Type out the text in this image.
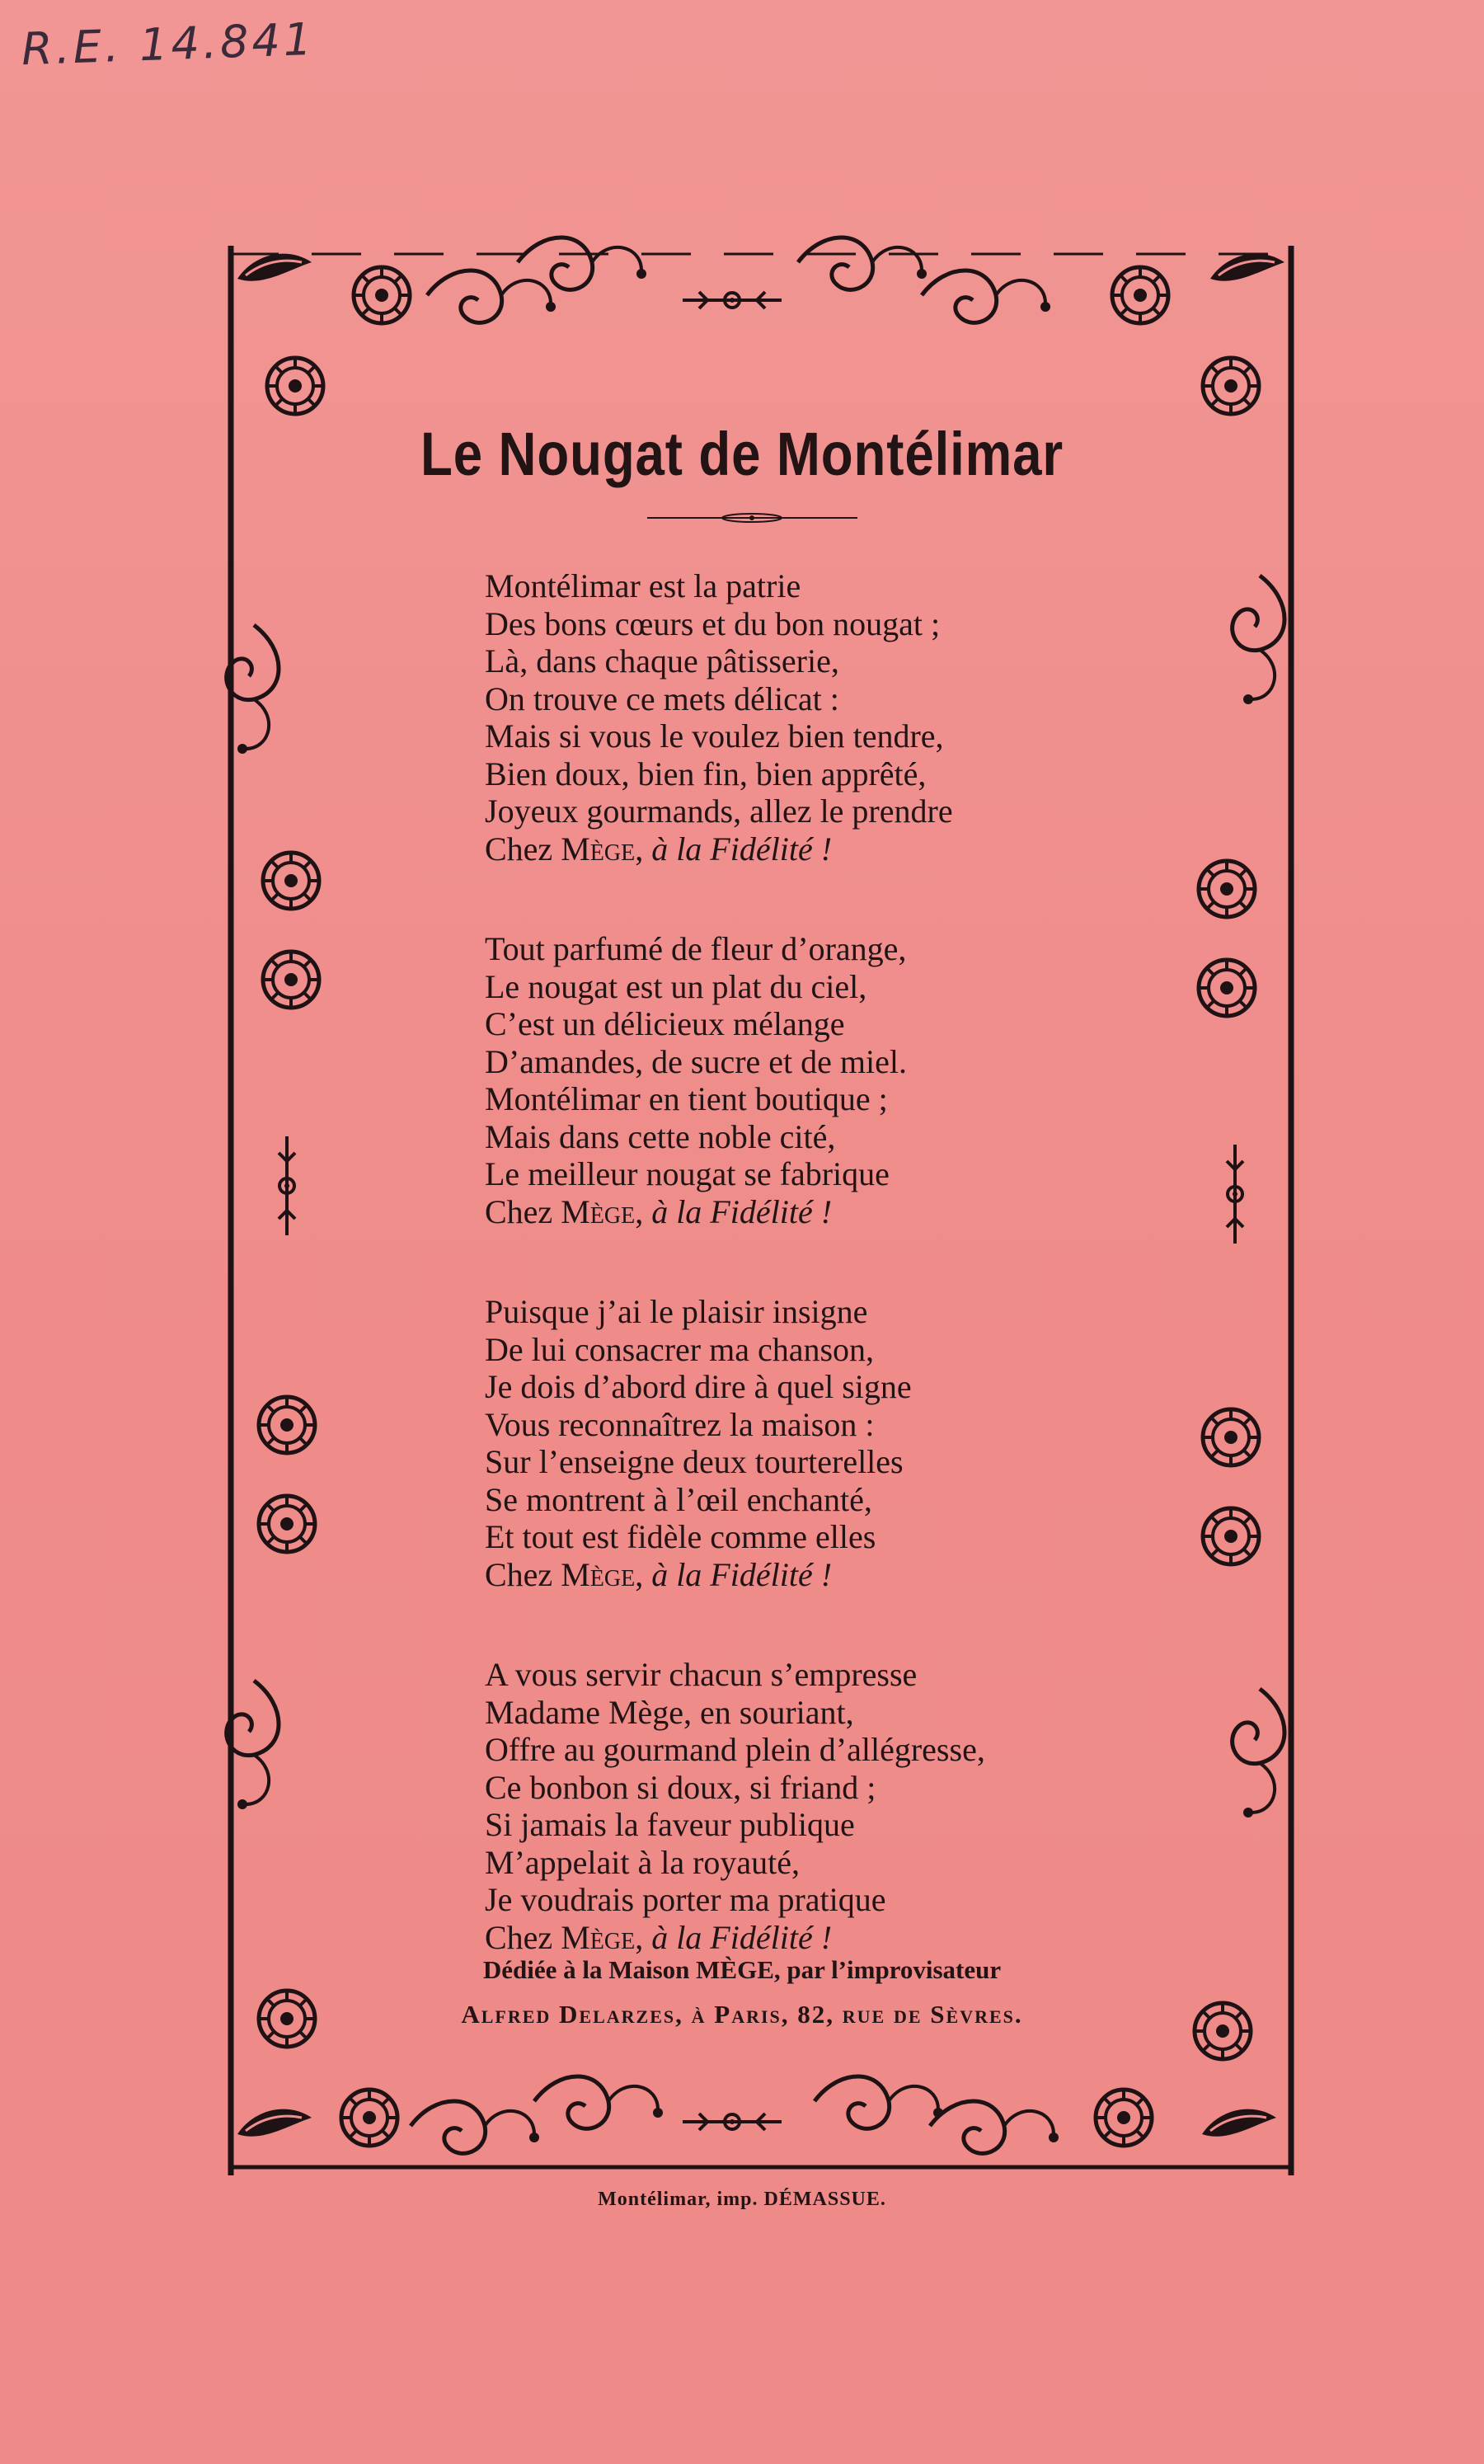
R.E. 14.841
Le Nougat de Montélimar
Montélimar est la patrie
Des bons cœurs et du bon nougat ;
Là, dans chaque pâtisserie,
On trouve ce mets délicat :
Mais si vous le voulez bien tendre,
Bien doux, bien fin, bien apprêté,
Joyeux gourmands, allez le prendre
Chez Mège, à la Fidélité !
Tout parfumé de fleur d’orange,
Le nougat est un plat du ciel,
C’est un délicieux mélange
D’amandes, de sucre et de miel.
Montélimar en tient boutique ;
Mais dans cette noble cité,
Le meilleur nougat se fabrique
Chez Mège, à la Fidélité !
Puisque j’ai le plaisir insigne
De lui consacrer ma chanson,
Je dois d’abord dire à quel signe
Vous reconnaîtrez la maison :
Sur l’enseigne deux tourterelles
Se montrent à l’œil enchanté,
Et tout est fidèle comme elles
Chez Mège, à la Fidélité !
A vous servir chacun s’empresse
Madame Mège, en souriant,
Offre au gourmand plein d’allégresse,
Ce bonbon si doux, si friand ;
Si jamais la faveur publique
M’appelait à la royauté,
Je voudrais porter ma pratique
Chez Mège, à la Fidélité !
Dédiée à la Maison MÈGE, par l’improvisateur
Alfred Delarzes, à Paris, 82, rue de Sèvres.
Montélimar, imp. DÉMASSUE.
